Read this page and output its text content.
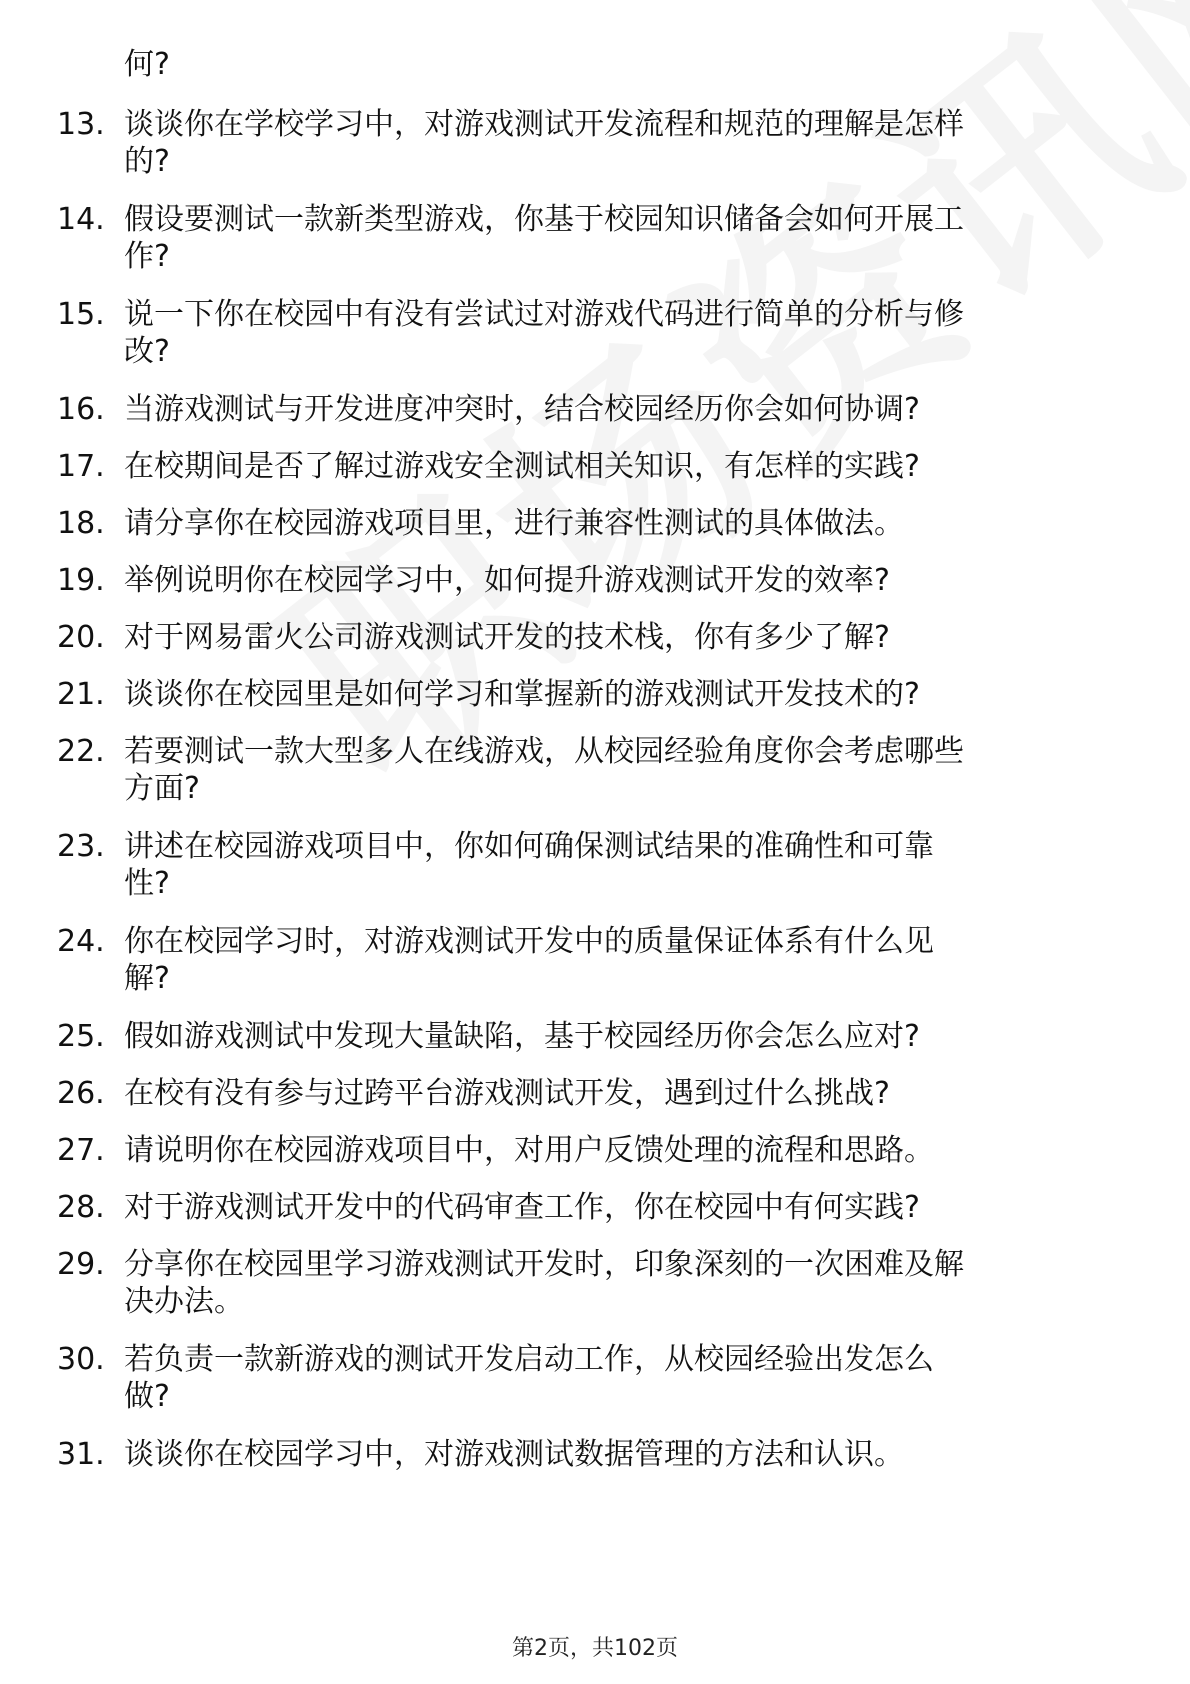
何?
13. 谈谈你在学校学习中，对游戏测试开发流程和规范的理解是怎样
的?
14. 假设要测试一款新类型游戏，你基于校园知识储备会如何开展工
作?
15. 说一下你在校园中有没有尝试过对游戏代码进行简单的分析与修
改?
16. 当游戏测试与开发进度冲突时，结合校园经历你会如何协调?
17. 在校期间是否了解过游戏安全测试相关知识，有怎样的实践?
18. 请分享你在校园游戏项目里，进行兼容性测试的具体做法。
19. 举例说明你在校园学习中，如何提升游戏测试开发的效率?
20. 对于网易雷火公司游戏测试开发的技术栈，你有多少了解?
21. 谈谈你在校园里是如何学习和掌握新的游戏测试开发技术的?
22. 若要测试一款大型多人在线游戏，从校园经验角度你会考虑哪些
方面?
23. 讲述在校园游戏项目中，你如何确保测试结果的准确性和可靠
性?
24. 你在校园学习时，对游戏测试开发中的质量保证体系有什么见
解?
25. 假如游戏测试中发现大量缺陷，基于校园经历你会怎么应对?
26. 在校有没有参与过跨平台游戏测试开发，遇到过什么挑战?
27. 请说明你在校园游戏项目中，对用户反馈处理的流程和思路。
28. 对于游戏测试开发中的代码审查工作，你在校园中有何实践?
29. 分享你在校园里学习游戏测试开发时，印象深刻的一次困难及解
决办法。
30. 若负责一款新游戏的测试开发启动工作，从校园经验出发怎么
做?
31. 谈谈你在校园学习中，对游戏测试数据管理的方法和认识。
第2页，共102页
